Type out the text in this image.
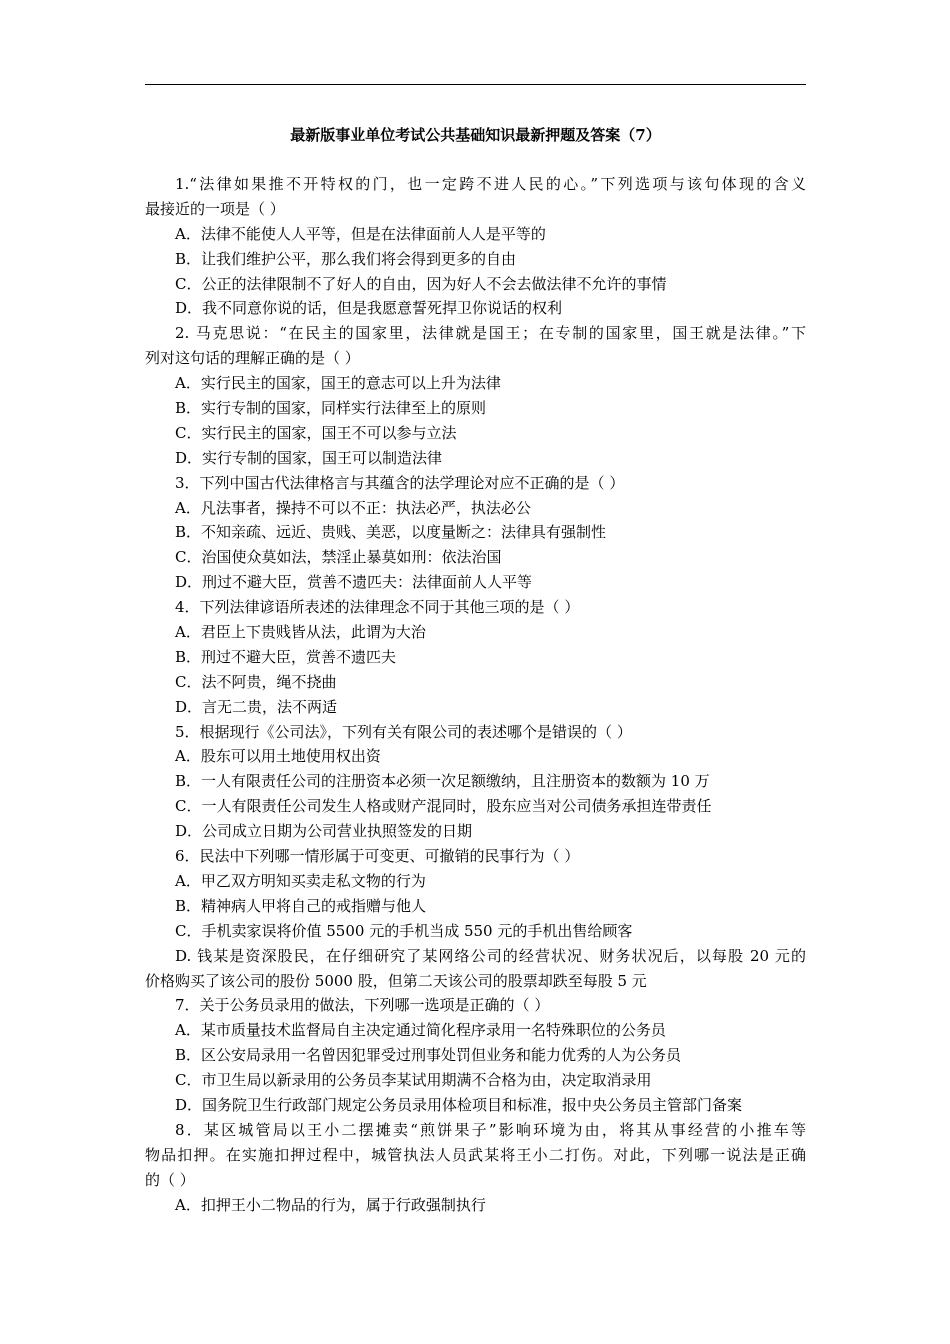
最新版事业单位考试公共基础知识最新押题及答案（7）
1.“法律如果推不开特权的门，也一定跨不进人民的心。”下列选项与该句体现的含义
最接近的一项是（ ）
A．法律不能使人人平等，但是在法律面前人人是平等的
B．让我们维护公平，那么我们将会得到更多的自由
C．公正的法律限制不了好人的自由，因为好人不会去做法律不允许的事情
D．我不同意你说的话，但是我愿意誓死捍卫你说话的权利
2. 马克思说：“在民主的国家里，法律就是国王；在专制的国家里，国王就是法律。”下
列对这句话的理解正确的是（ ）
A．实行民主的国家，国王的意志可以上升为法律
B．实行专制的国家，同样实行法律至上的原则
C．实行民主的国家，国王不可以参与立法
D．实行专制的国家，国王可以制造法律
3．下列中国古代法律格言与其蕴含的法学理论对应不正确的是（ ）
A．凡法事者，操持不可以不正：执法必严，执法必公
B．不知亲疏、远近、贵贱、美恶，以度量断之：法律具有强制性
C．治国使众莫如法，禁淫止暴莫如刑：依法治国
D．刑过不避大臣，赏善不遗匹夫：法律面前人人平等
4．下列法律谚语所表述的法律理念不同于其他三项的是（ ）
A．君臣上下贵贱皆从法，此谓为大治
B．刑过不避大臣，赏善不遗匹夫
C．法不阿贵，绳不挠曲
D．言无二贵，法不两适
5．根据现行《公司法》，下列有关有限公司的表述哪个是错误的（ ）
A．股东可以用土地使用权出资
B．一人有限责任公司的注册资本必须一次足额缴纳，且注册资本的数额为 10 万
C．一人有限责任公司发生人格或财产混同时，股东应当对公司债务承担连带责任
D．公司成立日期为公司营业执照签发的日期
6．民法中下列哪一情形属于可变更、可撤销的民事行为（ ）
A．甲乙双方明知买卖走私文物的行为
B．精神病人甲将自己的戒指赠与他人
C．手机卖家误将价值 5500 元的手机当成 550 元的手机出售给顾客
D. 钱某是资深股民，在仔细研究了某网络公司的经营状况、财务状况后，以每股 20 元的
价格购买了该公司的股份 5000 股，但第二天该公司的股票却跌至每股 5 元
7．关于公务员录用的做法，下列哪一选项是正确的（ ）
A．某市质量技术监督局自主决定通过简化程序录用一名特殊职位的公务员
B．区公安局录用一名曾因犯罪受过刑事处罚但业务和能力优秀的人为公务员
C．市卫生局以新录用的公务员李某试用期满不合格为由，决定取消录用
D．国务院卫生行政部门规定公务员录用体检项目和标准，报中央公务员主管部门备案
8．某区城管局以王小二摆摊卖“煎饼果子”影响环境为由，将其从事经营的小推车等
物品扣押。在实施扣押过程中，城管执法人员武某将王小二打伤。对此，下列哪一说法是正确
的（ ）
A．扣押王小二物品的行为，属于行政强制执行
